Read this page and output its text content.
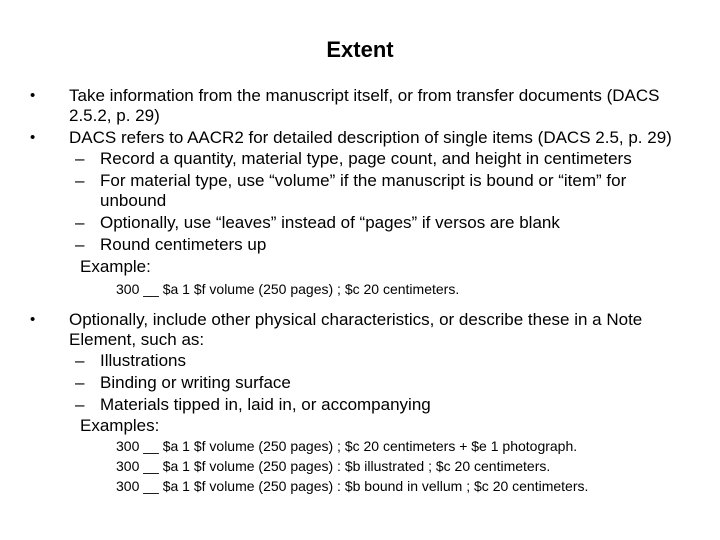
Extent
•	Take information from the manuscript itself, or from transfer documents (DACS 2.5.2, p. 29)
•	DACS refers to AACR2 for detailed description of single items (DACS 2.5, p. 29)
– Record a quantity, material type, page count, and height in centimeters
– For material type, use “volume” if the manuscript is bound or “item” for unbound
– Optionally, use “leaves” instead of “pages” if versos are blank
– Round centimeters up
Example:
300 __ $a 1 $f volume (250 pages) ; $c 20 centimeters.
•	Optionally, include other physical characteristics, or describe these in a Note Element, such as:
– Illustrations
– Binding or writing surface
– Materials tipped in, laid in, or accompanying
Examples:
300 __ $a 1 $f volume (250 pages) ; $c 20 centimeters + $e 1 photograph.
300 __ $a 1 $f volume (250 pages) : $b illustrated ; $c 20 centimeters.
300 __ $a 1 $f volume (250 pages) : $b bound in vellum ; $c 20 centimeters.
